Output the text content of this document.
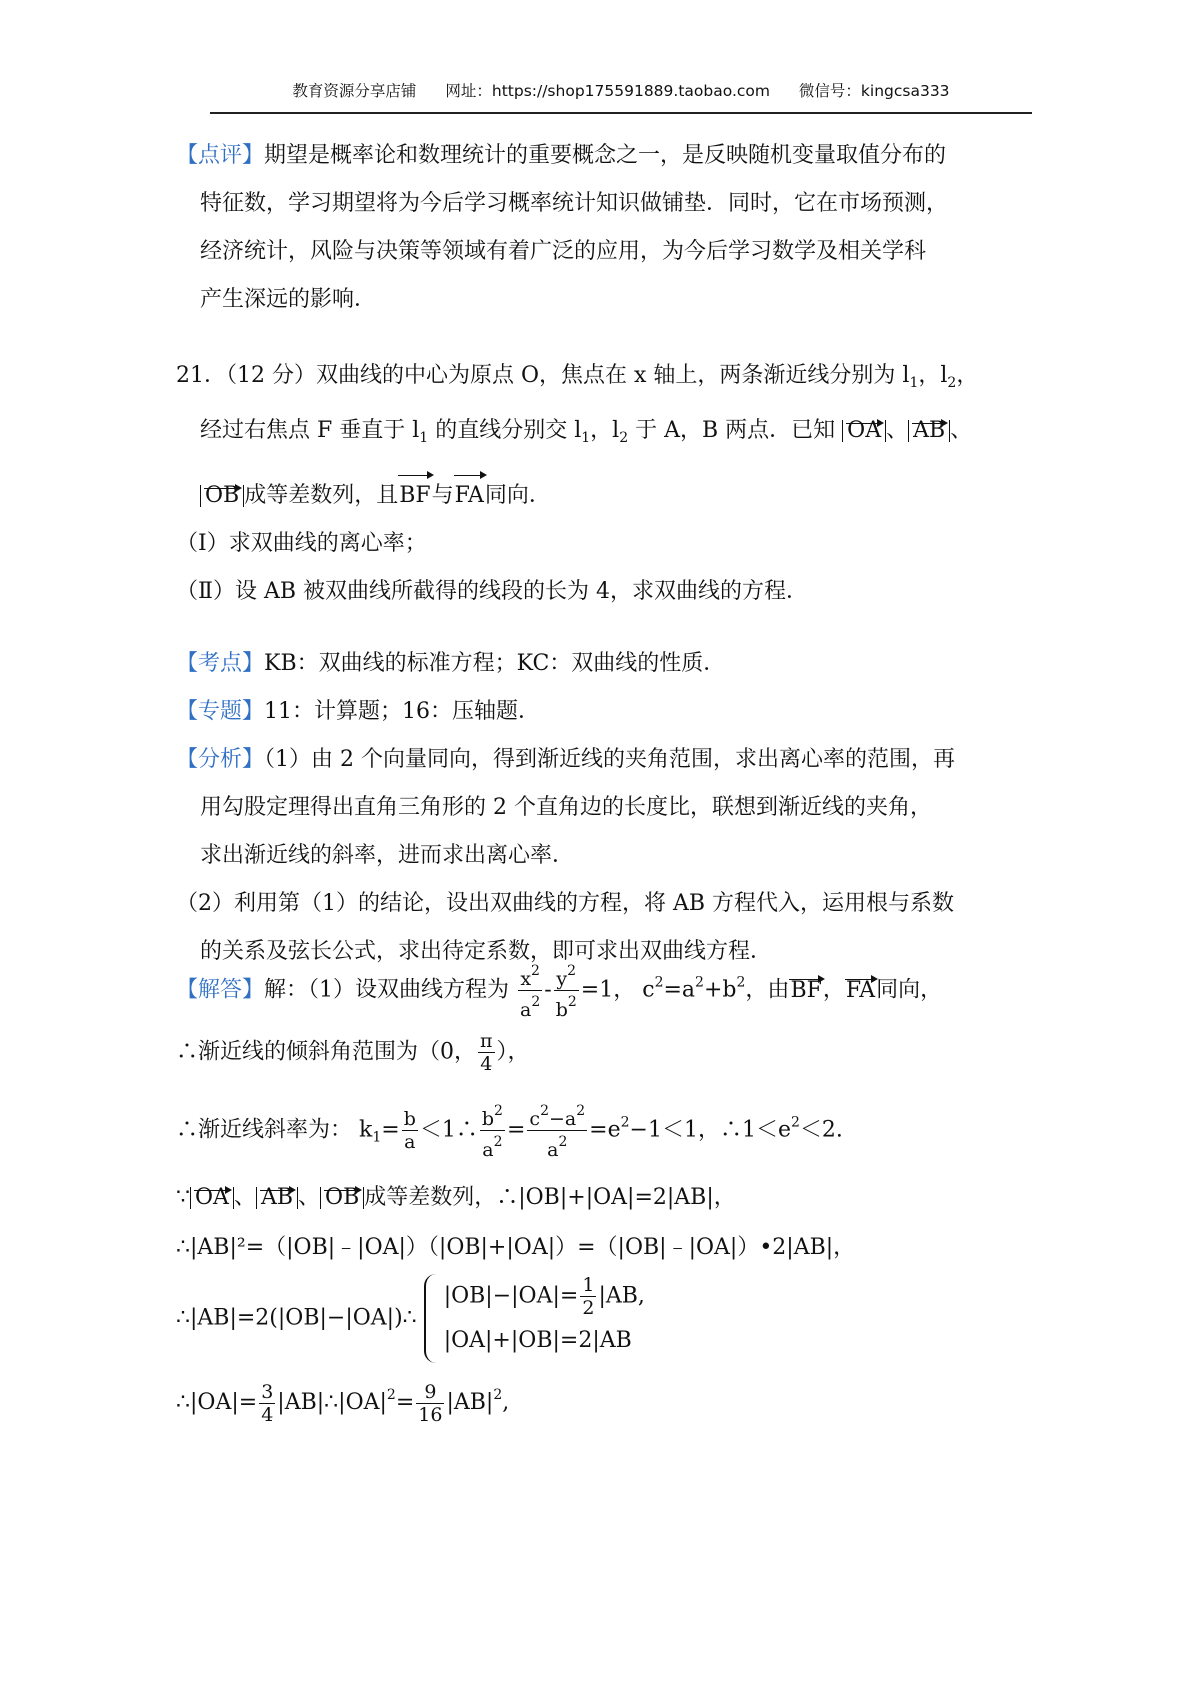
教育资源分享店铺 网址：https://shop175591889.taobao.com 微信号：kingcsa333
【点评】期望是概率论和数理统计的重要概念之一，是反映随机变量取值分布的
特征数，学习期望将为今后学习概率统计知识做铺垫．同时，它在市场预测，
经济统计，风险与决策等领域有着广泛的应用，为今后学习数学及相关学科
产生深远的影响．
21．（12 分）双曲线的中心为原点 O，焦点在 x 轴上，两条渐近线分别为 $l_1$，$l_2$，
经过右焦点 F 垂直于 $l_1$ 的直线分别交 $l_1$，$l_2$ 于 A，B 两点．已知 OA 、 AB 、
OB 成等差数列，且BF与FA同向．
（Ⅰ）求双曲线的离心率；
（Ⅱ）设 AB 被双曲线所截得的线段的长为 4，求双曲线的方程．
【考点】KB：双曲线的标准方程；KC：双曲线的性质．
【专题】11：计算题；16：压轴题．
【分析】（1）由 2 个向量同向，得到渐近线的夹角范围，求出离心率的范围，再
用勾股定理得出直角三角形的 2 个直角边的长度比，联想到渐近线的夹角，
求出渐近线的斜率，进而求出离心率．
（2）利用第（1）的结论，设出双曲线的方程，将 AB 方程代入，运用根与系数
的关系及弦长公式，求出待定系数，即可求出双曲线方程．
【解答】解：（1）设双曲线方程为 $\frac{x^2}{a^2} - \frac{y^2}{b^2} =1$， $c^2=a^2+b^2$，由BF，FA同向，
∴渐近线的倾斜角范围为（0， $\frac{\pi}{4}$ ），
∴渐近线斜率为： $k_1= \frac{b}{a}$ ＜1∴ $\frac{b^2}{a^2} = \frac{c^2-a^2}{a^2} =e^2-1<1$，$\therefore 1<e^2<2$.
∵ OA 、 AB 、 OB 成等差数列，∴|OB|+|OA|=2|AB|，
∴|AB|²=（|OB|﹣|OA|）（|OB|+|OA|）=（|OB|﹣|OA|）•2|AB|，
∴|AB|=2(|OB|−|OA|)∴
$|OB|-|OA|= \frac{1}{2} |AB$,
|OA|+|OB|=2|AB
∴|OA|= $\frac{3}{4}$ $|AB|\therefore|OA|^2= \frac{9}{16} |AB|^2$,
